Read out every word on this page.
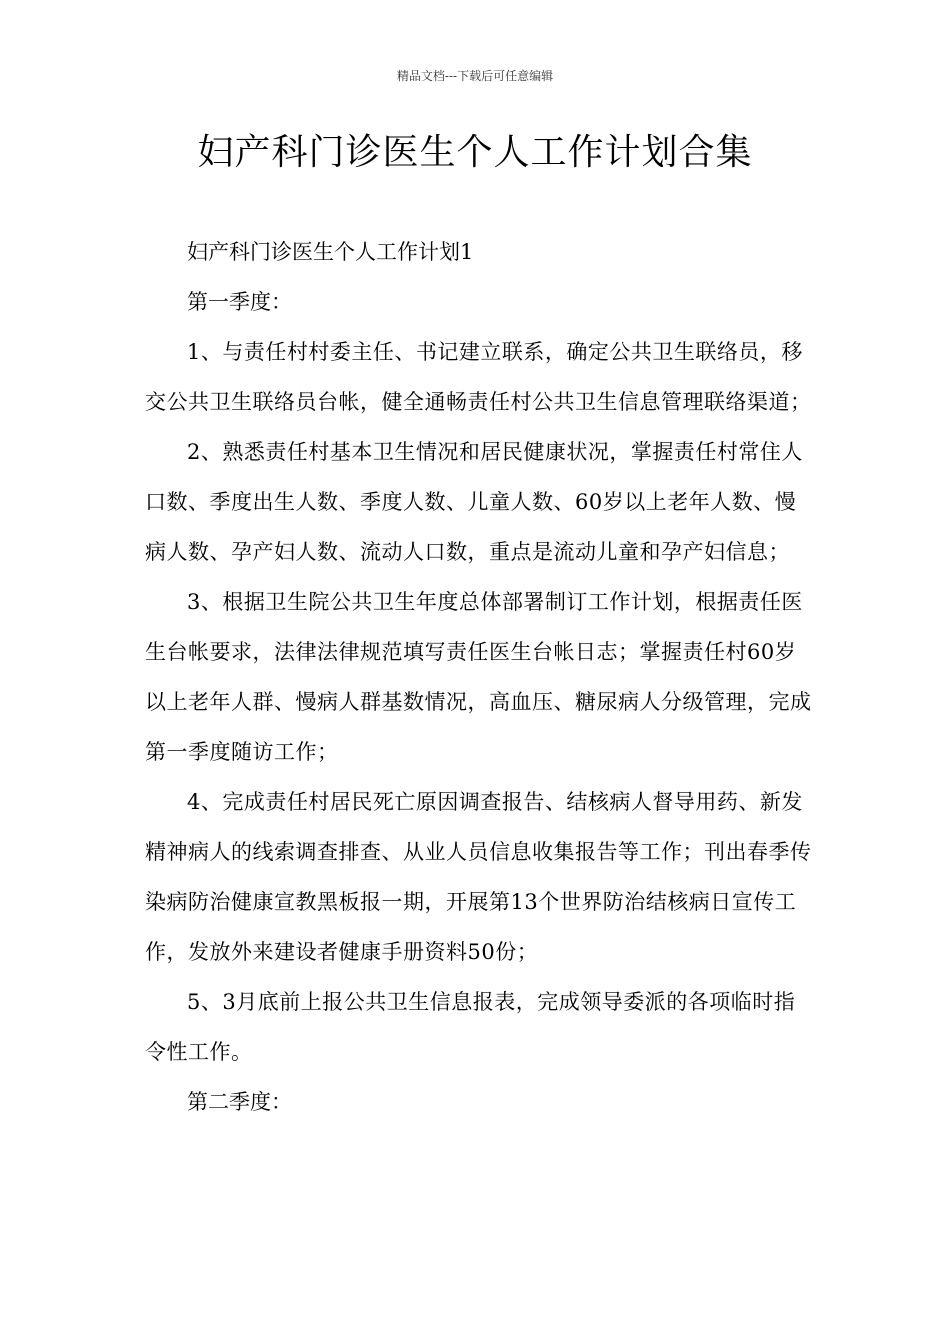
精品文档---下载后可任意编辑
妇产科门诊医生个人工作计划合集

妇产科门诊医生个人工作计划1

第一季度：

1、与责任村村委主任、书记建立联系，确定公共卫生联络员，移交公共卫生联络员台帐，健全通畅责任村公共卫生信息管理联络渠道；

2、熟悉责任村基本卫生情况和居民健康状况，掌握责任村常住人口数、季度出生人数、季度人数、儿童人数、60岁以上老年人数、慢病人数、孕产妇人数、流动人口数，重点是流动儿童和孕产妇信息；

3、根据卫生院公共卫生年度总体部署制订工作计划，根据责任医生台帐要求，法律法律规范填写责任医生台帐日志；掌握责任村60岁以上老年人群、慢病人群基数情况，高血压、糖尿病人分级管理，完成第一季度随访工作；

4、完成责任村居民死亡原因调查报告、结核病人督导用药、新发精神病人的线索调查排查、从业人员信息收集报告等工作；刊出春季传染病防治健康宣教黑板报一期，开展第13个世界防治结核病日宣传工作，发放外来建设者健康手册资料50份；

5、3月底前上报公共卫生信息报表，完成领导委派的各项临时指令性工作。

第二季度：
